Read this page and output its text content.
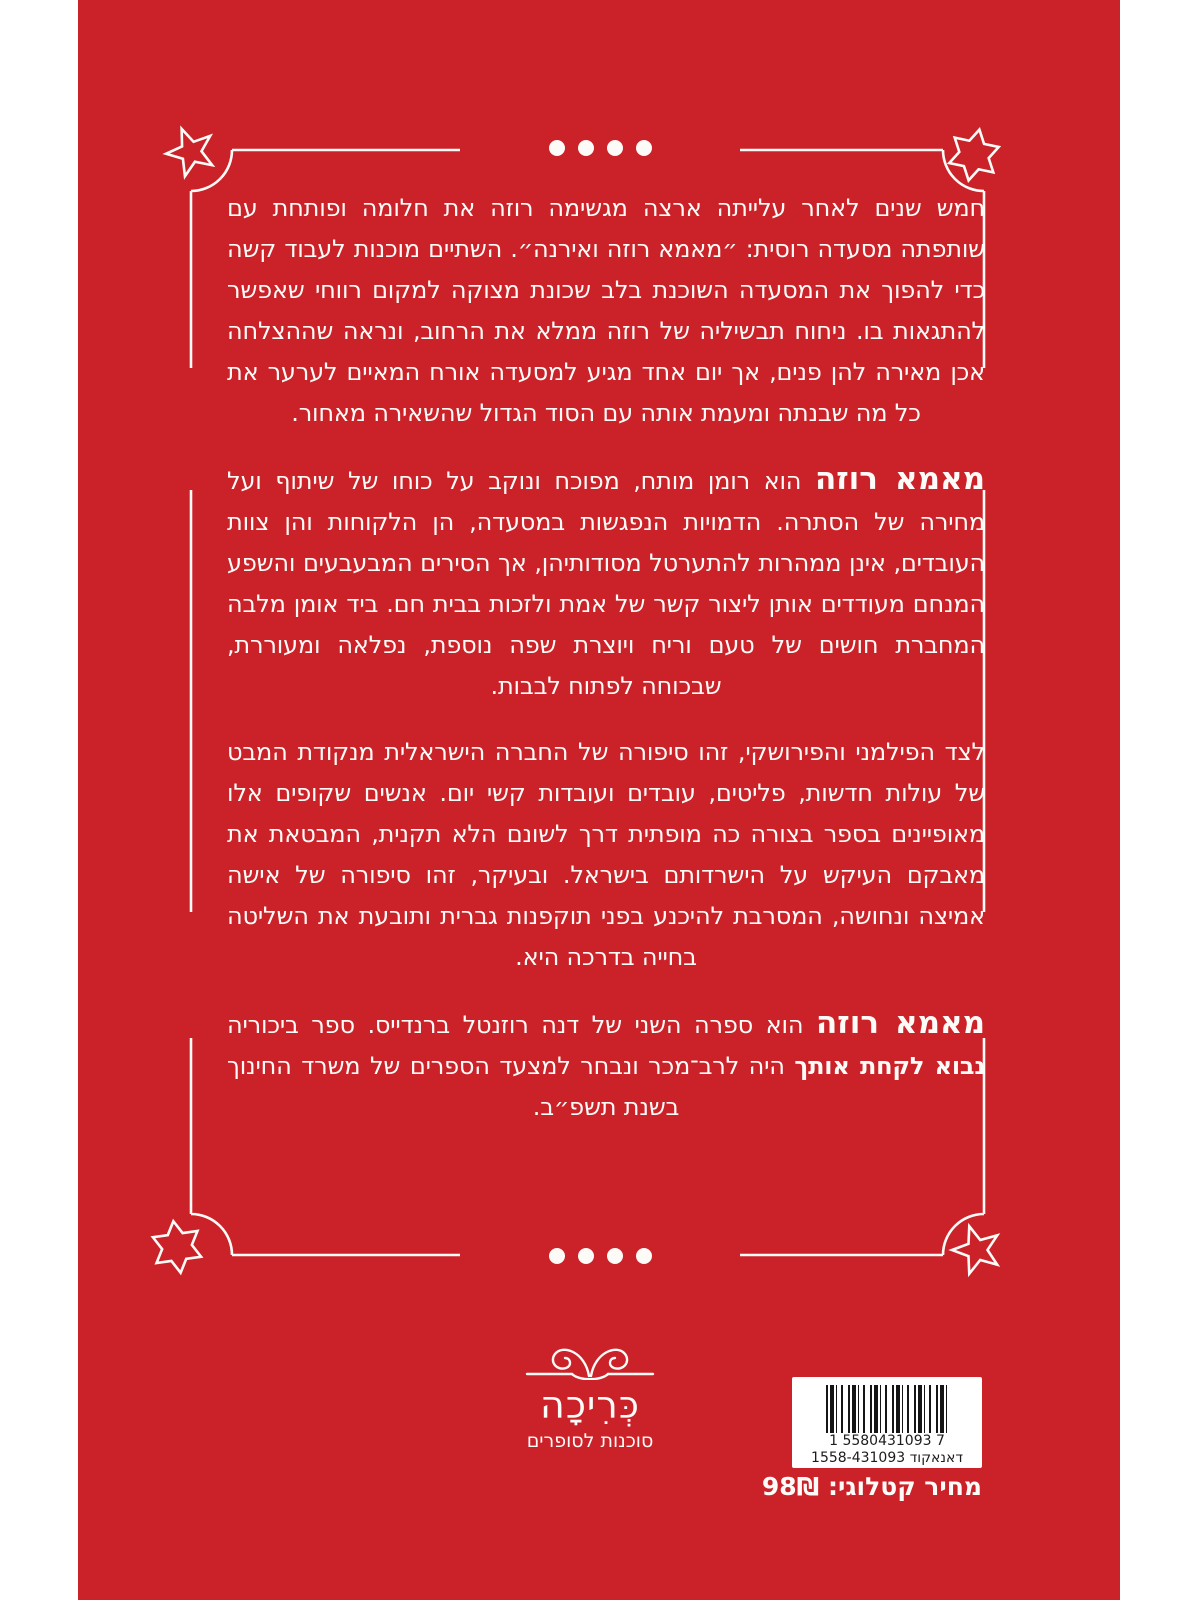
חמש שנים לאחר עלייתה ארצה מגשימה רוזה את חלומה ופותחת עם שותפתה מסעדה רוסית: ״מאמא רוזה ואירנה״. השתיים מוכנות לעבוד קשה כדי להפוך את המסעדה השוכנת בלב שכונת מצוקה למקום רווחי שאפשר להתגאות בו. ניחוח תבשיליה של רוזה ממלא את הרחוב, ונראה שההצלחה אכן מאירה להן פנים, אך יום אחד מגיע למסעדה אורח המאיים לערער את כל מה שבנתה ומעמת אותה עם הסוד הגדול שהשאירה מאחור.

מאמא רוזה הוא רומן מותח, מפוכח ונוקב על כוחו של שיתוף ועל מחירה של הסתרה. הדמויות הנפגשות במסעדה, הן הלקוחות והן צוות העובדים, אינן ממהרות להתערטל מסודותיהן, אך הסירים המבעבעים והשפע המנחם מעודדים אותן ליצור קשר של אמת ולזכות בבית חם. ביד אומן מלבה המחברת חושים של טעם וריח ויוצרת שפה נוספת, נפלאה ומעוררת, שבכוחה לפתוח לבבות.

לצד הפילמני והפירושקי, זהו סיפורה של החברה הישראלית מנקודת המבט של עולות חדשות, פליטים, עובדים ועובדות קשי יום. אנשים שקופים אלו מאופיינים בספר בצורה כה מופתית דרך לשונם הלא תקנית, המבטאת את מאבקם העיקש על הישרדותם בישראל. ובעיקר, זהו סיפורה של אישה אמיצה ונחושה, המסרבת להיכנע בפני תוקפנות גברית ותובעת את השליטה בחייה בדרכה היא.

מאמא רוזה הוא ספרה השני של דנה רוזנטל ברנדייס. ספר ביכוריה נבוא לקחת אותך היה לרב־מכר ונבחר למצעד הספרים של משרד החינוך בשנת תשפ״ב.

כְּרִיכָה
סוכנות לסופרים	1 5580431093 7
דאנאקוד 1558-431093
מחיר קטלוגי: 98₪
